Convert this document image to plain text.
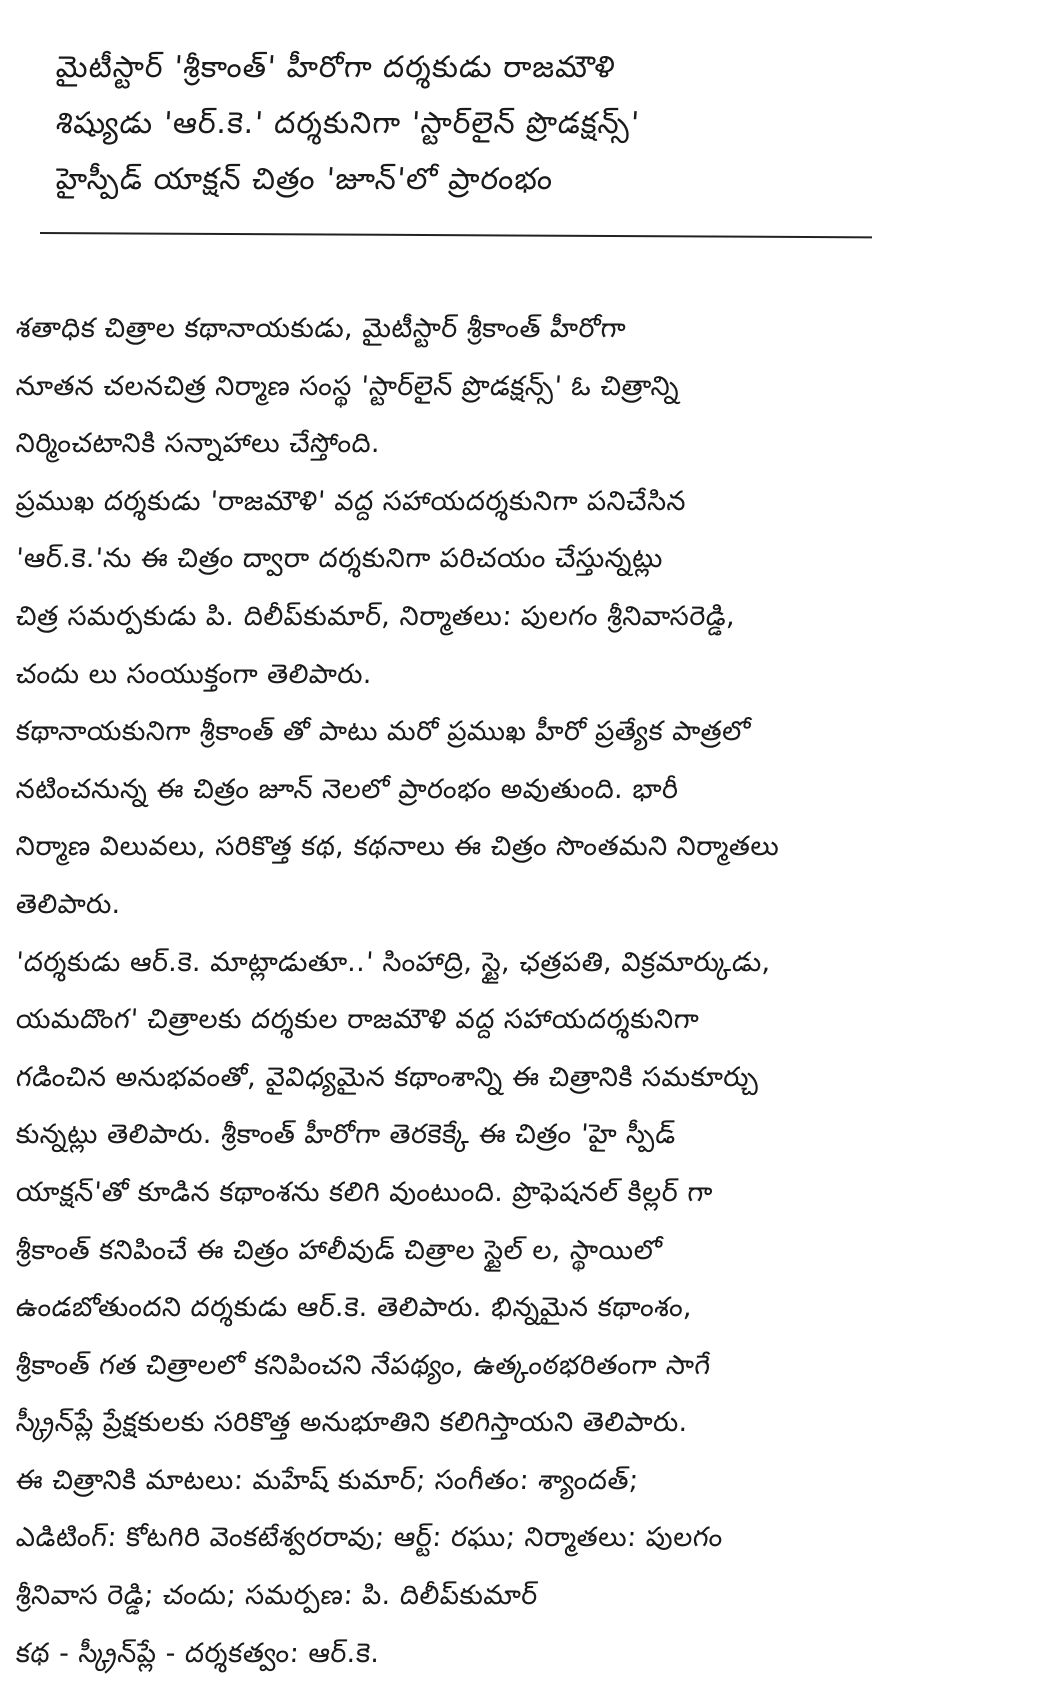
మైటీస్టార్ 'శ్రీకాంత్' హీరోగా దర్శకుడు రాజమౌళి
శిష్యుడు 'ఆర్.కె.' దర్శకునిగా 'స్టార్‌లైన్ ప్రొడక్షన్స్'
హైస్పీడ్ యాక్షన్ చిత్రం 'జూన్'లో ప్రారంభం
శతాధిక చిత్రాల కథానాయకుడు, మైటీస్టార్ శ్రీకాంత్ హీరోగా
నూతన చలనచిత్ర నిర్మాణ సంస్థ 'స్టార్‌లైన్ ప్రొడక్షన్స్' ఓ చిత్రాన్ని
నిర్మించటానికి సన్నాహాలు చేస్తోంది.
ప్రముఖ దర్శకుడు 'రాజమౌళి' వద్ద సహాయదర్శకునిగా పనిచేసిన
'ఆర్.కె.'ను ఈ చిత్రం ద్వారా దర్శకునిగా పరిచయం చేస్తున్నట్లు
చిత్ర సమర్పకుడు పి. దిలీప్‌కుమార్, నిర్మాతలు: పులగం శ్రీనివాసరెడ్డి,
చందు లు సంయుక్తంగా తెలిపారు.
కథానాయకునిగా శ్రీకాంత్ తో పాటు మరో ప్రముఖ హీరో ప్రత్యేక పాత్రలో
నటించనున్న ఈ చిత్రం జూన్ నెలలో ప్రారంభం అవుతుంది. భారీ
నిర్మాణ విలువలు, సరికొత్త కథ, కథనాలు ఈ చిత్రం సొంతమని నిర్మాతలు
తెలిపారు.
'దర్శకుడు ఆర్.కె. మాట్లాడుతూ..' సింహాద్రి, స్టై, ఛత్రపతి, విక్రమార్కుడు,
యమదొంగ' చిత్రాలకు దర్శకుల రాజమౌళి వద్ద సహాయదర్శకునిగా
గడించిన అనుభవంతో, వైవిధ్యమైన కథాంశాన్ని ఈ చిత్రానికి సమకూర్చు
కున్నట్లు తెలిపారు. శ్రీకాంత్ హీరోగా తెరకెక్కే ఈ చిత్రం 'హై స్పీడ్
యాక్షన్'తో కూడిన కథాంశను కలిగి వుంటుంది. ప్రొఫెషనల్ కిల్లర్ గా
శ్రీకాంత్ కనిపించే ఈ చిత్రం హాలీవుడ్ చిత్రాల స్టైల్ ల, స్థాయిలో
ఉండబోతుందని దర్శకుడు ఆర్.కె. తెలిపారు. భిన్నమైన కథాంశం,
శ్రీకాంత్ గత చిత్రాలలో కనిపించని నేపథ్యం, ఉత్కంఠభరితంగా సాగే
స్క్రీన్‌ప్లే ప్రేక్షకులకు సరికొత్త అనుభూతిని కలిగిస్తాయని తెలిపారు.
ఈ చిత్రానికి మాటలు: మహేష్ కుమార్; సంగీతం: శ్యాందత్;
ఎడిటింగ్: కోటగిరి వెంకటేశ్వరరావు; ఆర్ట్: రఘు; నిర్మాతలు: పులగం
శ్రీనివాస రెడ్డి; చందు; సమర్పణ: పి. దిలీప్‌కుమార్
కథ - స్క్రీన్‌ప్లే - దర్శకత్వం: ఆర్.కె.
